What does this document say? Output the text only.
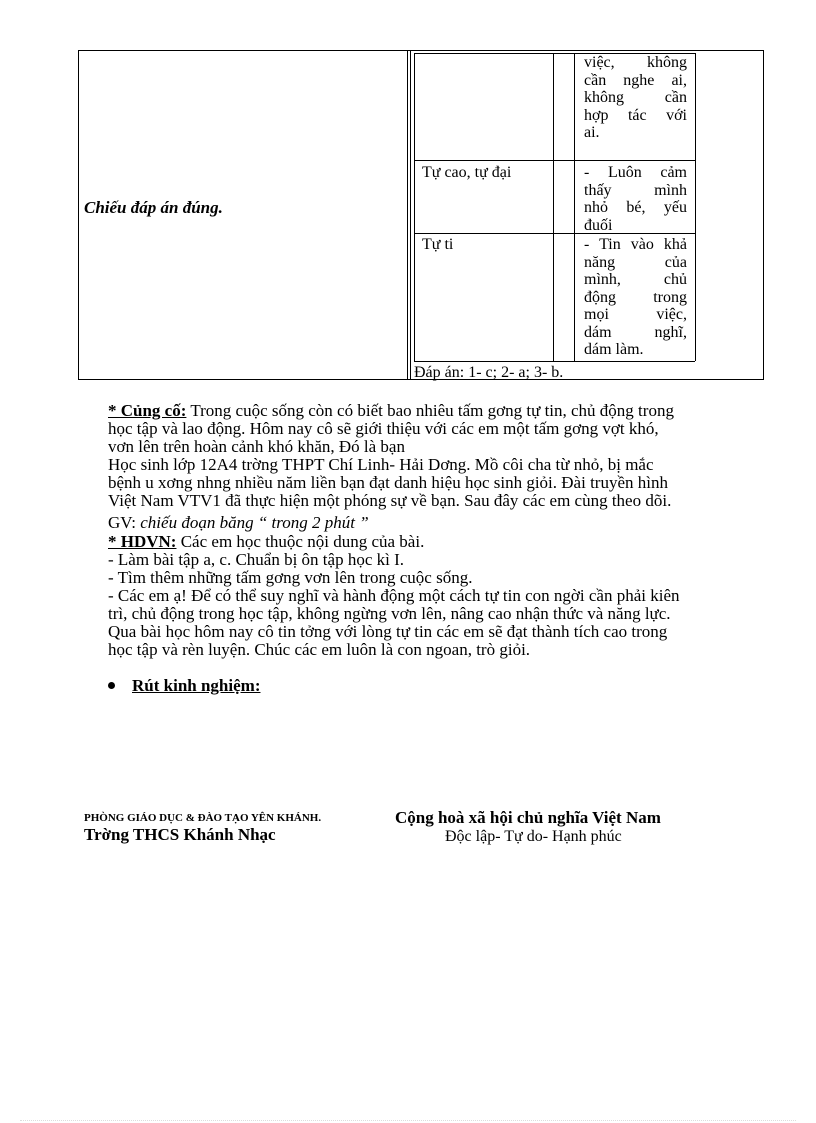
Chiếu đáp án đúng.
việc, không
cần nghe ai,
không cần
hợp tác với
ai.
Tự cao, tự đại	- Luôn cảm
thấy mình
nhỏ bé, yếu
đuối
Tự ti	- Tin vào khả
năng của
mình, chủ
động trong
mọi việc,
dám nghĩ,
dám làm.
Đáp án: 1- c; 2- a; 3- b.
* Củng cố: Trong cuộc sống còn có biết bao nhiêu tấm gơng tự tin, chủ động trong
học tập và lao động. Hôm nay cô sẽ giới thiệu với các em một tấm gơng vợt khó,
vơn lên trên hoàn cảnh khó khăn, Đó là bạn
Học sinh lớp 12A4 trờng THPT Chí Linh- Hải Dơng. Mồ côi cha từ nhỏ, bị mắc
bệnh u xơng nhng nhiều năm liền bạn đạt danh hiệu học sinh giỏi. Đài truyền hình
Việt Nam VTV1 đã thực hiện một phóng sự về bạn. Sau đây các em cùng theo dõi.
GV: chiếu đoạn băng “ trong 2 phút ”
* HDVN: Các em học thuộc nội dung của bài.
- Làm bài tập a, c. Chuẩn bị ôn tập học kì I.
- Tìm thêm những tấm gơng vơn lên trong cuộc sống.
- Các em ạ! Để có thể suy nghĩ và hành động một cách tự tin con ngời cần phải kiên
trì, chủ động trong học tập, không ngừng vơn lên, nâng cao nhận thức và năng lực.
Qua bài học hôm nay cô tin tởng với lòng tự tin các em sẽ đạt thành tích cao trong
học tập và rèn luyện. Chúc các em luôn là con ngoan, trò giỏi.
Rút kinh nghiệm:
PHÒNG GIÁO DỤC & ĐÀO TẠO YÊN KHÁNH.
Trờng THCS Khánh Nhạc
Cộng hoà xã hội chủ nghĩa Việt Nam
Độc lập- Tự do- Hạnh phúc
